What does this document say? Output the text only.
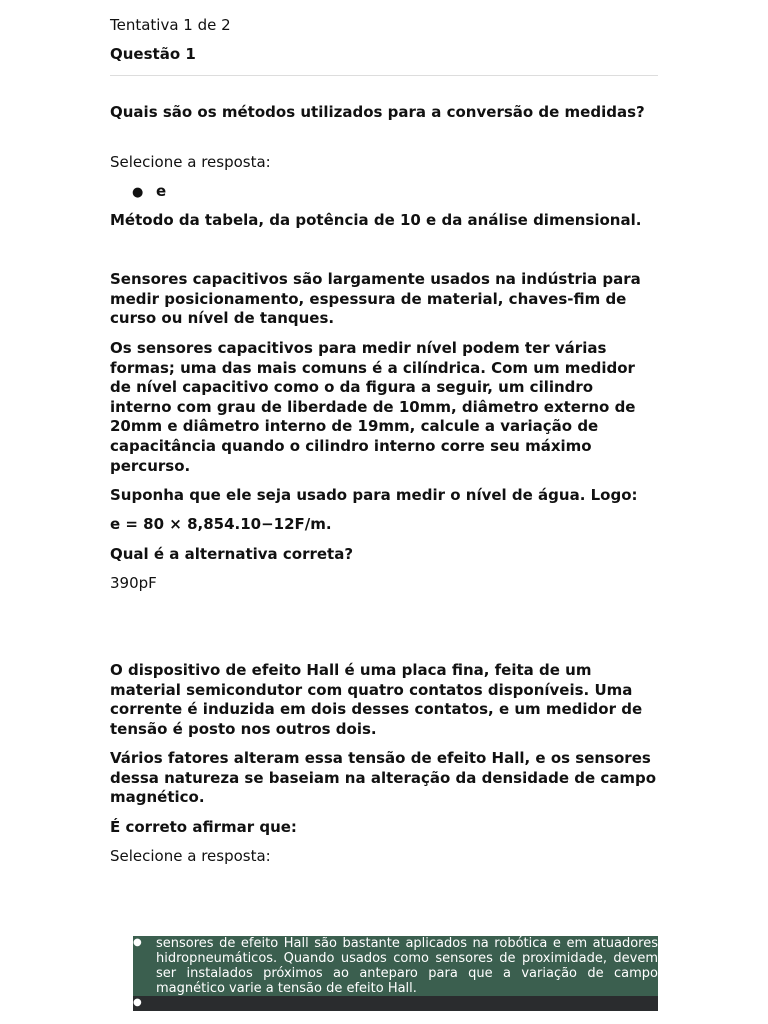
Tentativa 1 de 2

Questão 1

Quais são os métodos utilizados para a conversão de medidas?

Selecione a resposta:

● e

Método da tabela, da potência de 10 e da análise dimensional.

Sensores capacitivos são largamente usados na indústria para medir posicionamento, espessura de material, chaves-fim de curso ou nível de tanques.

Os sensores capacitivos para medir nível podem ter várias formas; uma das mais comuns é a cilíndrica. Com um medidor de nível capacitivo como o da figura a seguir, um cilindro interno com grau de liberdade de 10mm, diâmetro externo de 20mm e diâmetro interno de 19mm, calcule a variação de capacitância quando o cilindro interno corre seu máximo percurso.

Suponha que ele seja usado para medir o nível de água. Logo:

e = 80 × 8,854.10−12F/m.

Qual é a alternativa correta?

390pF

O dispositivo de efeito Hall é uma placa fina, feita de um material semicondutor com quatro contatos disponíveis. Uma corrente é induzida em dois desses contatos, e um medidor de tensão é posto nos outros dois.

Vários fatores alteram essa tensão de efeito Hall, e os sensores dessa natureza se baseiam na alteração da densidade de campo magnético.

É correto afirmar que:

Selecione a resposta:

● sensores de efeito Hall são bastante aplicados na robótica e em atuadores hidropneumáticos. Quando usados como sensores de proximidade, devem ser instalados próximos ao anteparo para que a variação de campo magnético varie a tensão de efeito Hall.
●
